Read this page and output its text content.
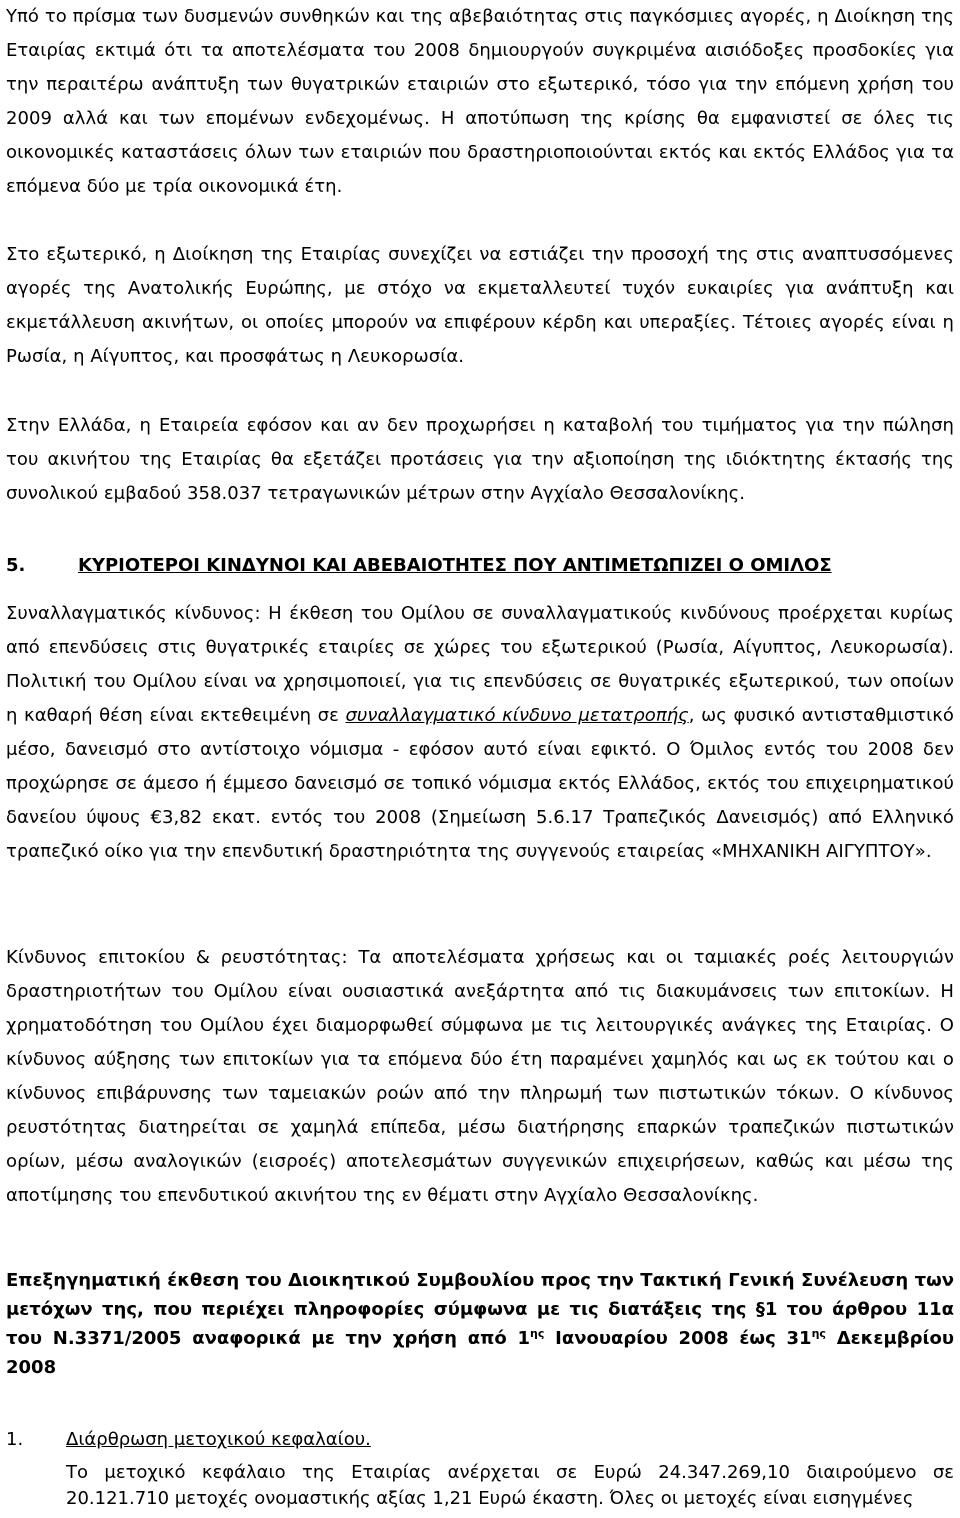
Υπό το πρίσμα των δυσμενών συνθηκών και της αβεβαιότητας στις παγκόσμιες αγορές, η Διοίκηση της Εταιρίας εκτιμά ότι τα αποτελέσματα του 2008 δημιουργούν συγκριμένα αισιόδοξες προσδοκίες για την περαιτέρω ανάπτυξη των θυγατρικών εταιριών στο εξωτερικό, τόσο για την επόμενη χρήση του 2009 αλλά και των επομένων ενδεχομένως. Η αποτύπωση της κρίσης θα εμφανιστεί σε όλες τις οικονομικές καταστάσεις όλων των εταιριών που δραστηριοποιούνται εκτός και εκτός Ελλάδος για τα επόμενα δύο με τρία οικονομικά έτη.

Στο εξωτερικό, η Διοίκηση της Εταιρίας συνεχίζει να εστιάζει την προσοχή της στις αναπτυσσόμενες αγορές της Ανατολικής Ευρώπης, με στόχο να εκμεταλλευτεί τυχόν ευκαιρίες για ανάπτυξη και εκμετάλλευση ακινήτων, οι οποίες μπορούν να επιφέρουν κέρδη και υπεραξίες. Τέτοιες αγορές είναι η Ρωσία, η Αίγυπτος, και προσφάτως η Λευκορωσία.

Στην Ελλάδα, η Εταιρεία εφόσον και αν δεν προχωρήσει η καταβολή του τιμήματος για την πώληση του ακινήτου της Εταιρίας θα εξετάζει προτάσεις για την αξιοποίηση της ιδιόκτητης έκτασής της συνολικού εμβαδού 358.037 τετραγωνικών μέτρων στην Αγχίαλο Θεσσαλονίκης.

5.	ΚΥΡΙΟΤΕΡΟΙ ΚΙΝΔΥΝΟΙ ΚΑΙ ΑΒΕΒΑΙΟΤΗΤΕΣ ΠΟΥ ΑΝΤΙΜΕΤΩΠΙΖΕΙ Ο ΟΜΙΛΟΣ

Συναλλαγματικός κίνδυνος: Η έκθεση του Ομίλου σε συναλλαγματικούς κινδύνους προέρχεται κυρίως από επενδύσεις στις θυγατρικές εταιρίες σε χώρες του εξωτερικού (Ρωσία, Αίγυπτος, Λευκορωσία). Πολιτική του Ομίλου είναι να χρησιμοποιεί, για τις επενδύσεις σε θυγατρικές εξωτερικού, των οποίων η καθαρή θέση είναι εκτεθειμένη σε συναλλαγματικό κίνδυνο μετατροπής, ως φυσικό αντισταθμιστικό μέσο, δανεισμό στο αντίστοιχο νόμισμα - εφόσον αυτό είναι εφικτό. Ο Όμιλος εντός του 2008 δεν προχώρησε σε άμεσο ή έμμεσο δανεισμό σε τοπικό νόμισμα εκτός Ελλάδος, εκτός του επιχειρηματικού δανείου ύψους €3,82 εκατ. εντός του 2008 (Σημείωση 5.6.17 Τραπεζικός Δανεισμός) από Ελληνικό τραπεζικό οίκο για την επενδυτική δραστηριότητα της συγγενούς εταιρείας «ΜΗΧΑΝΙΚΗ ΑΙΓΥΠΤΟΥ».

Κίνδυνος επιτοκίου & ρευστότητας: Τα αποτελέσματα χρήσεως και οι ταμιακές ροές λειτουργιών δραστηριοτήτων του Ομίλου είναι ουσιαστικά ανεξάρτητα από τις διακυμάνσεις των επιτοκίων. Η χρηματοδότηση του Ομίλου έχει διαμορφωθεί σύμφωνα με τις λειτουργικές ανάγκες της Εταιρίας. Ο κίνδυνος αύξησης των επιτοκίων για τα επόμενα δύο έτη παραμένει χαμηλός και ως εκ τούτου και ο κίνδυνος επιβάρυνσης των ταμειακών ροών από την πληρωμή των πιστωτικών τόκων. Ο κίνδυνος ρευστότητας διατηρείται σε χαμηλά επίπεδα, μέσω διατήρησης επαρκών τραπεζικών πιστωτικών ορίων, μέσω αναλογικών (εισροές) αποτελεσμάτων συγγενικών επιχειρήσεων, καθώς και μέσω της αποτίμησης του επενδυτικού ακινήτου της εν θέματι στην Αγχίαλο Θεσσαλονίκης.

Επεξηγηματική έκθεση του Διοικητικού Συμβουλίου προς την Τακτική Γενική Συνέλευση των μετόχων της, που περιέχει πληροφορίες σύμφωνα με τις διατάξεις της §1 του άρθρου 11α του Ν.3371/2005 αναφορικά με την χρήση από $1^{\eta\varsigma}$ Ιανουαρίου 2008 έως $31^{\eta\varsigma}$ Δεκεμβρίου 2008

1. Διάρθρωση μετοχικού κεφαλαίου.

Το μετοχικό κεφάλαιο της Εταιρίας ανέρχεται σε Ευρώ 24.347.269,10 διαιρούμενο σε 20.121.710 μετοχές ονομαστικής αξίας 1,21 Ευρώ έκαστη. Όλες οι μετοχές είναι εισηγμένες
